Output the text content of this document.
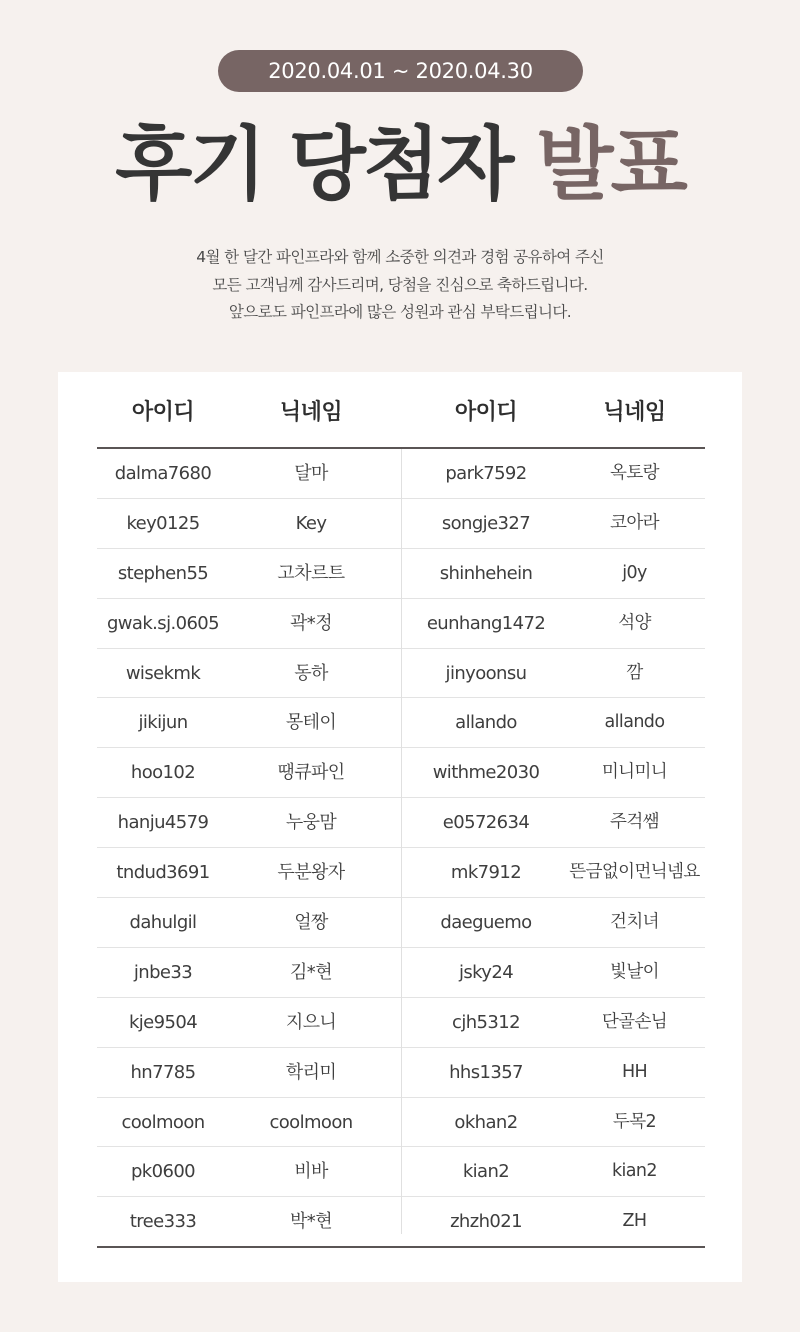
2020.04.01 ~ 2020.04.30
후기 당첨자 발표
4월 한 달간 파인프라와 함께 소중한 의견과 경험 공유하여 주신
모든 고객님께 감사드리며, 당첨을 진심으로 축하드립니다.
앞으로도 파인프라에 많은 성원과 관심 부탁드립니다.
아이디	닉네임	아이디	닉네임
dalma7680	달마	park7592	옥토랑
key0125	Key	songje327	코아라
stephen55	고차르트	shinhehein	j0y
gwak.sj.0605	곽*정	eunhang1472	석양
wisekmk	동하	jinyoonsu	깜
jikijun	몽테이	allando	allando
hoo102	땡큐파인	withme2030	미니미니
hanju4579	누웅맘	e0572634	주걱쌤
tndud3691	두분왕자	mk7912	뜬금없이먼닉넴요
dahulgil	얼짱	daeguemo	건치녀
jnbe33	김*현	jsky24	빛날이
kje9504	지으니	cjh5312	단골손님
hn7785	학리미	hhs1357	HH
coolmoon	coolmoon	okhan2	두목2
pk0600	비바	kian2	kian2
tree333	박*현	zhzh021	ZH
